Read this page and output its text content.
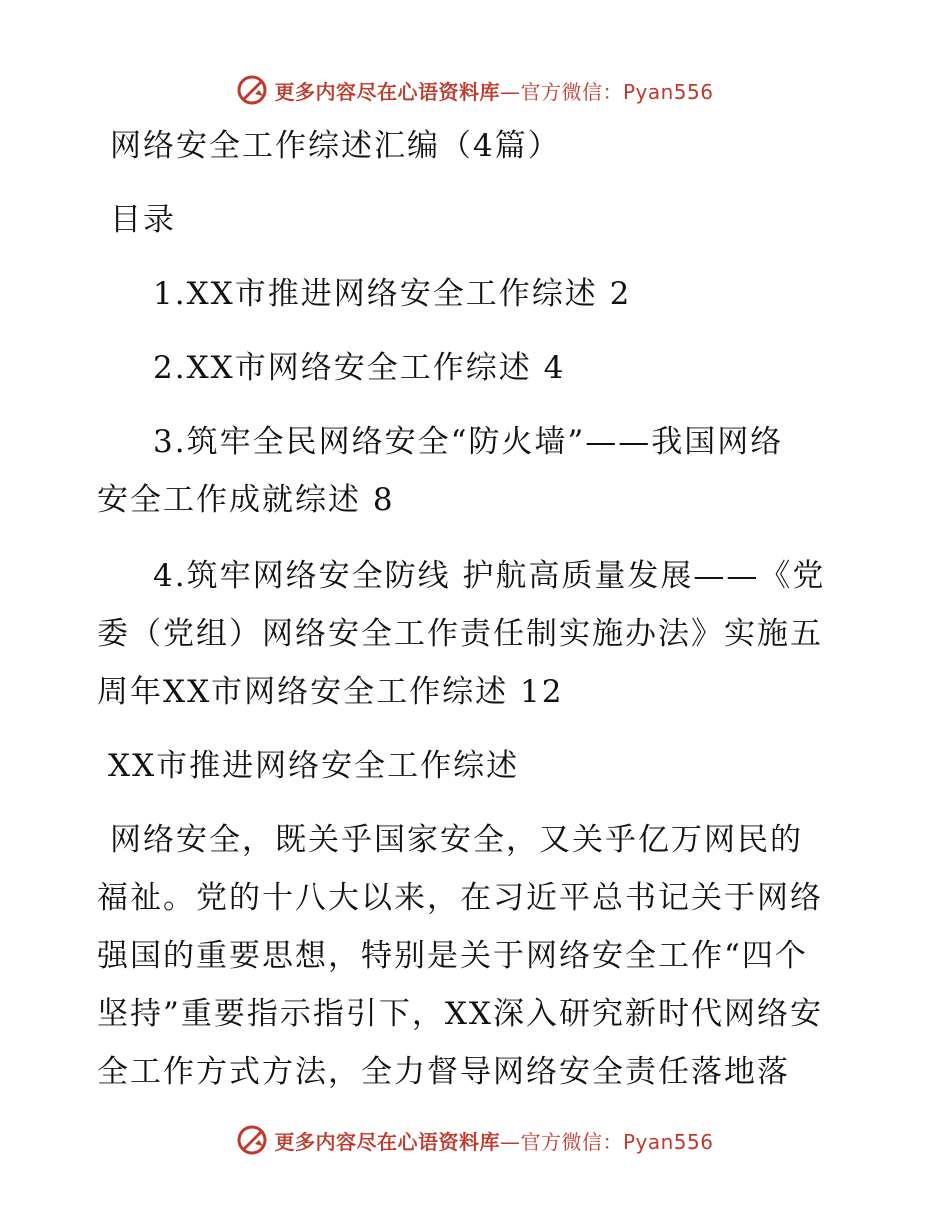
更多内容尽在心语资料库—官方微信：Pyan556
网络安全工作综述汇编（4篇）
目录
1.XX市推进网络安全工作综述 2
2.XX市网络安全工作综述 4
3.筑牢全民网络安全“防火墙”——我国网络
安全工作成就综述 8
4.筑牢网络安全防线 护航高质量发展——《党
委（党组）网络安全工作责任制实施办法》实施五
周年XX市网络安全工作综述 12
XX市推进网络安全工作综述
网络安全，既关乎国家安全，又关乎亿万网民的
福祉。党的十八大以来，在习近平总书记关于网络
强国的重要思想，特别是关于网络安全工作“四个
坚持”重要指示指引下，XX深入研究新时代网络安
全工作方式方法，全力督导网络安全责任落地落
更多内容尽在心语资料库—官方微信：Pyan556
